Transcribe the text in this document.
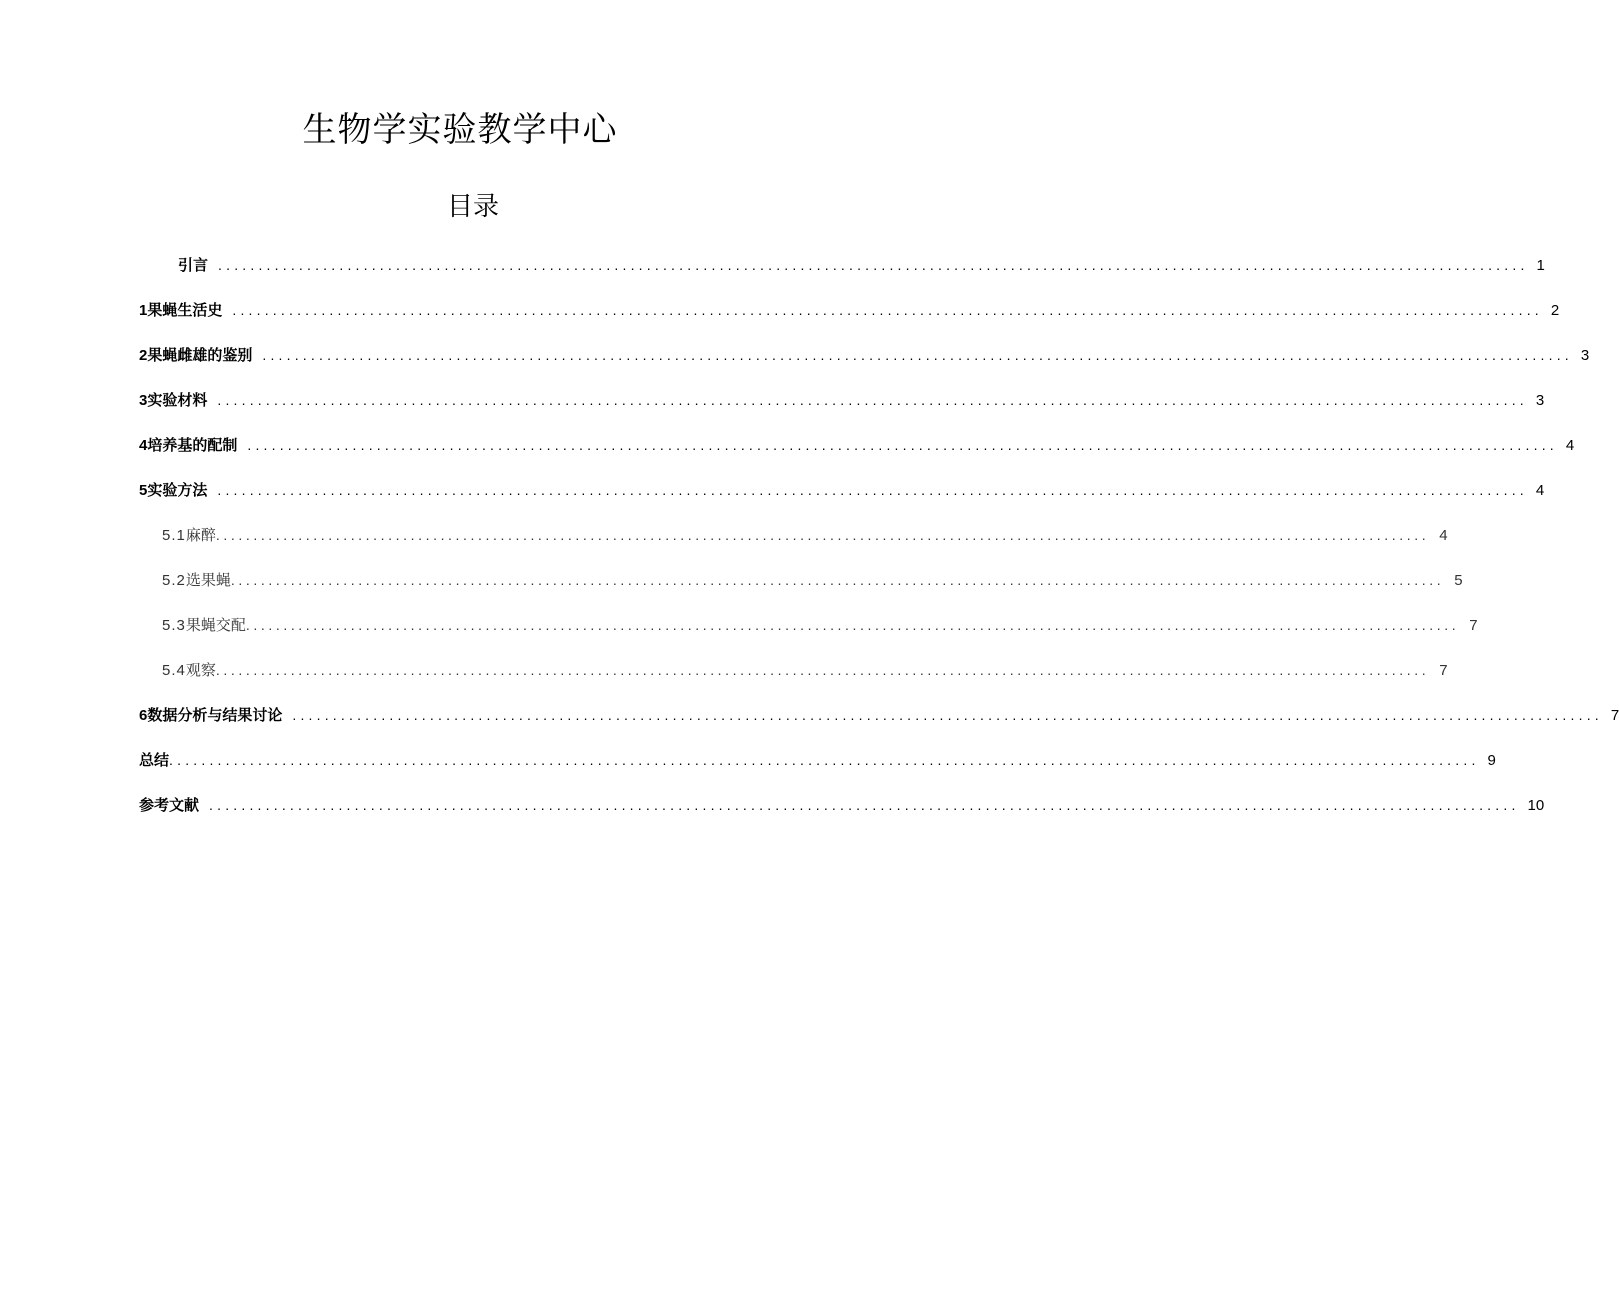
生物学实验教学中心
目录
引言 .................................................................................................................................................................. 1
1 果蝇生活史 .................................................................................................................................................................. 2
2 果蝇雌雄的鉴别 .................................................................................................................................................................. 3
3 实验材料 .................................................................................................................................................................. 3
4 培养基的配制 .................................................................................................................................................................. 4
5 实验方法 .................................................................................................................................................................. 4
5.1 麻醉 .................................................................................................................................................................. 4
5.2 选果蝇 .................................................................................................................................................................. 5
5.3 果蝇交配 .................................................................................................................................................................. 7
5.4 观察 .................................................................................................................................................................. 7
6 数据分析与结果讨论 .................................................................................................................................................................. 7
总结 .................................................................................................................................................................. 9
参考文献 .................................................................................................................................................................. 10
